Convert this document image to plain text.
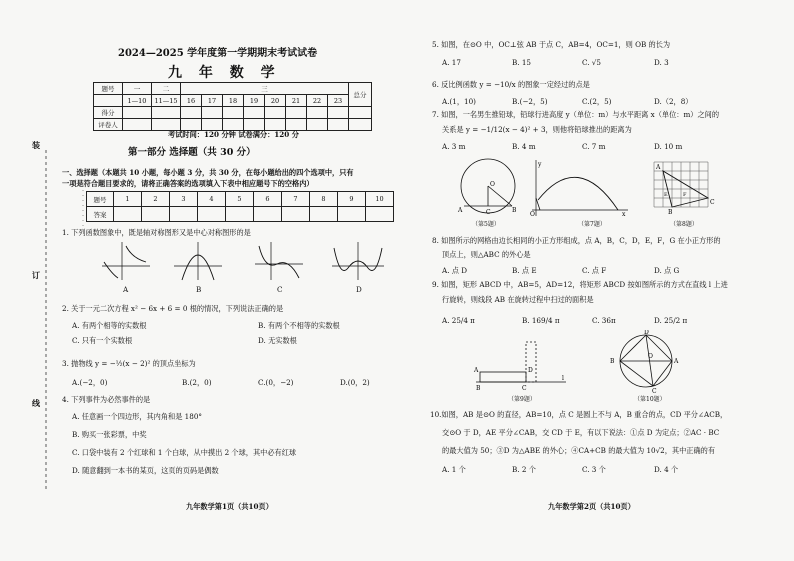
装
订
线
2024—2025 学年度第一学期期末考试试卷
九 年 数 学
题号	一	二	三								总分
	1—10	11—15	16	17	18	19	20	21	22	23	
得分											
评卷人											
考试时间：120 分钟 试卷满分：120 分
第一部分 选择题（共 30 分）
一、选择题（本题共 10 小题，每小题 3 分，共 30 分，在每小题给出的四个选项中，只有
一项是符合题目要求的，请将正确答案的选项填入下表中相应题号下的空格内）
题号	1	2	3	4	5	6	7	8	9	10
答案										
1. 下列函数图象中，既是轴对称图形又是中心对称图形的是
A	B	C	D
2. 关于一元二次方程 x² − 6x + 6 = 0 根的情况，下列说法正确的是
A. 有两个相等的实数根	B. 有两个不相等的实数根
C. 只有一个实数根	D. 无实数根
3. 抛物线 y = −½(x − 2)² 的顶点坐标为
A.(−2，0)	B.(2，0)	C.(0，−2)	D.(0，2)
4. 下列事件为必然事件的是
A. 任意画一个四边形，其内角和是 180°
B. 购买一张彩票，中奖
C. 口袋中装有 2 个红球和 1 个白球，从中摸出 2 个球，其中必有红球
D. 随意翻到一本书的某页，这页的页码是偶数
九年数学第1页（共10页）
5. 如图，在⊙O 中，OC⊥弦 AB 于点 C，AB=4，OC=1，则 OB 的长为
A. 17	B. 15	C. √5	D. 3
6. 反比例函数 y = −10/x 的图象一定经过的点是
A.(1，10)	B.(−2，5)	C.(2，5)	D.（2，8）
7. 如图，一名男生推铅球，铅球行进高度 y（单位：m）与水平距离 x（单位：m）之间的
关系是 y = −1/12(x − 4)² + 3，则他将铅球推出的距离为
A. 3 m	B. 4 m	C. 7 m	D. 10 m
O
A	C	B
（第5题）
y
x
O
（第7题）
A
B
C
E	F
（第8题）
8. 如图所示的网格由边长相同的小正方形组成，点 A，B，C，D，E，F，G 在小正方形的
顶点上，则△ABC 的外心是
A. 点 D	B. 点 E	C. 点 F	D. 点 G
9. 如图，矩形 ABCD 中，AB=5，AD=12，将矩形 ABCD 按如图所示的方式在直线 l 上进
行旋转，则线段 AB 在旋转过程中扫过的面积是
A. 25/4 π	B. 169/4 π	C. 36π	D. 25/2 π
A
B	C
D
l
（第9题）
D
B	A
O
C
（第10题）
10.如图，AB 是⊙O 的直径，AB=10，点 C 是圆上不与 A，B 重合的点，CD 平分∠ACB，
交⊙O 于 D，AE 平分∠CAB，交 CD 于 E，有以下说法：①点 D 为定点；②AC · BC
的最大值为 50；③D 为△ABE 的外心；④CA+CB 的最大值为 10√2，其中正确的有
A. 1 个	B. 2 个	C. 3 个	D. 4 个
九年数学第2页（共10页）
